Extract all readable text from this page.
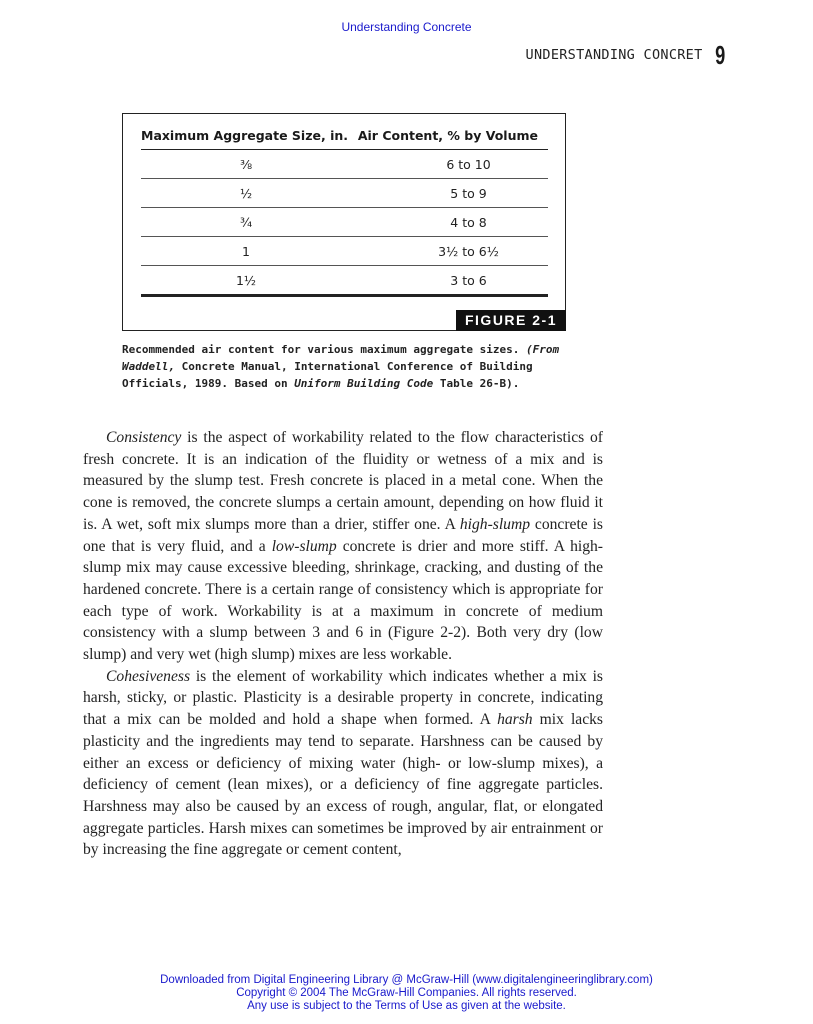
Understanding Concrete
UNDERSTANDING CONCRET 9
Maximum Aggregate Size, in.	Air Content, % by Volume
⅜	6 to 10
½	5 to 9
¾	4 to 8
1	3½ to 6½
1½	3 to 6
FIGURE 2-1
Recommended air content for various maximum aggregate sizes. (From Waddell, Concrete Manual, International Conference of Building Officials, 1989. Based on Uniform Building Code Table 26-B).

Consistency is the aspect of workability related to the flow characteristics of fresh concrete. It is an indication of the fluidity or wetness of a mix and is measured by the slump test. Fresh concrete is placed in a metal cone. When the cone is removed, the concrete slumps a certain amount, depending on how fluid it is. A wet, soft mix slumps more than a drier, stiffer one. A high-slump concrete is one that is very fluid, and a low-slump concrete is drier and more stiff. A high-slump mix may cause excessive bleeding, shrinkage, cracking, and dusting of the hardened concrete. There is a certain range of consistency which is appropriate for each type of work. Workability is at a maximum in concrete of medium consistency with a slump between 3 and 6 in (Figure 2-2). Both very dry (low slump) and very wet (high slump) mixes are less workable.

Cohesiveness is the element of workability which indicates whether a mix is harsh, sticky, or plastic. Plasticity is a desirable property in concrete, indicating that a mix can be molded and hold a shape when formed. A harsh mix lacks plasticity and the ingredients may tend to separate. Harshness can be caused by either an excess or deficiency of mixing water (high- or low-slump mixes), a deficiency of cement (lean mixes), or a deficiency of fine aggregate particles. Harshness may also be caused by an excess of rough, angular, flat, or elongated aggregate particles. Harsh mixes can sometimes be improved by air entrainment or by increasing the fine aggregate or cement content,

Downloaded from Digital Engineering Library @ McGraw-Hill (www.digitalengineeringlibrary.com)
Copyright © 2004 The McGraw-Hill Companies. All rights reserved.
Any use is subject to the Terms of Use as given at the website.
